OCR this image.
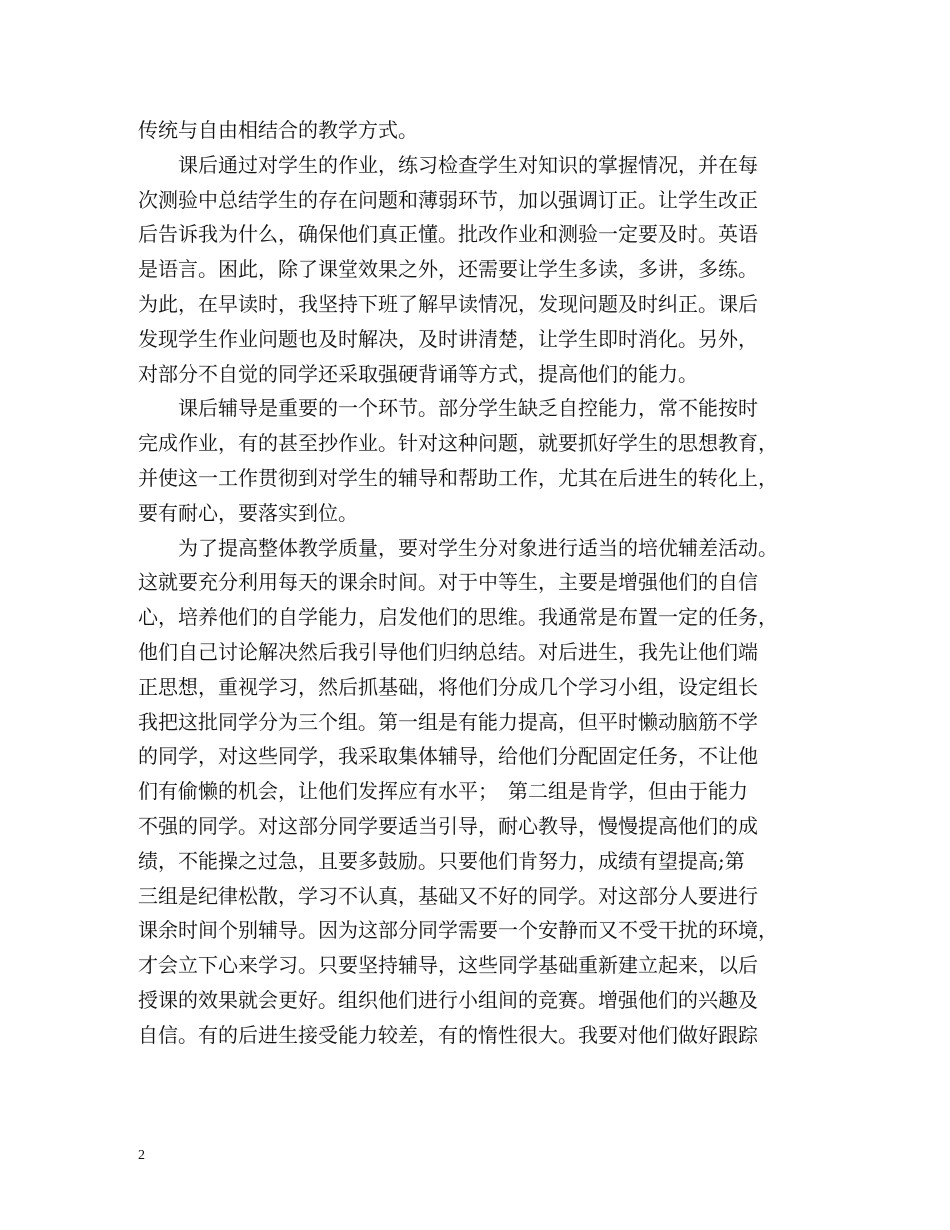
传统与自由相结合的教学方式。
课后通过对学生的作业，练习检查学生对知识的掌握情况，并在每
次测验中总结学生的存在问题和薄弱环节，加以强调订正。让学生改正
后告诉我为什么，确保他们真正懂。批改作业和测验一定要及时。英语
是语言。困此，除了课堂效果之外，还需要让学生多读，多讲，多练。
为此，在早读时，我坚持下班了解早读情况，发现问题及时纠正。课后
发现学生作业问题也及时解决，及时讲清楚，让学生即时消化。另外，
对部分不自觉的同学还采取强硬背诵等方式，提高他们的能力。
课后辅导是重要的一个环节。部分学生缺乏自控能力，常不能按时
完成作业，有的甚至抄作业。针对这种问题，就要抓好学生的思想教育，
并使这一工作贯彻到对学生的辅导和帮助工作，尤其在后进生的转化上，
要有耐心，要落实到位。
为了提高整体教学质量，要对学生分对象进行适当的培优辅差活动。
这就要充分利用每天的课余时间。对于中等生，主要是增强他们的自信
心，培养他们的自学能力，启发他们的思维。我通常是布置一定的任务，
他们自己讨论解决然后我引导他们归纳总结。对后进生，我先让他们端
正思想，重视学习，然后抓基础，将他们分成几个学习小组，设定组长
我把这批同学分为三个组。第一组是有能力提高，但平时懒动脑筋不学
的同学，对这些同学，我采取集体辅导，给他们分配固定任务，不让他
们有偷懒的机会，让他们发挥应有水平；　第二组是肯学，但由于能力
不强的同学。对这部分同学要适当引导，耐心教导，慢慢提高他们的成
绩，不能操之过急，且要多鼓励。只要他们肯努力，成绩有望提高;第
三组是纪律松散，学习不认真，基础又不好的同学。对这部分人要进行
课余时间个别辅导。因为这部分同学需要一个安静而又不受干扰的环境，
才会立下心来学习。只要坚持辅导，这些同学基础重新建立起来，以后
授课的效果就会更好。组织他们进行小组间的竞赛。增强他们的兴趣及
自信。有的后进生接受能力较差，有的惰性很大。我要对他们做好跟踪
2
